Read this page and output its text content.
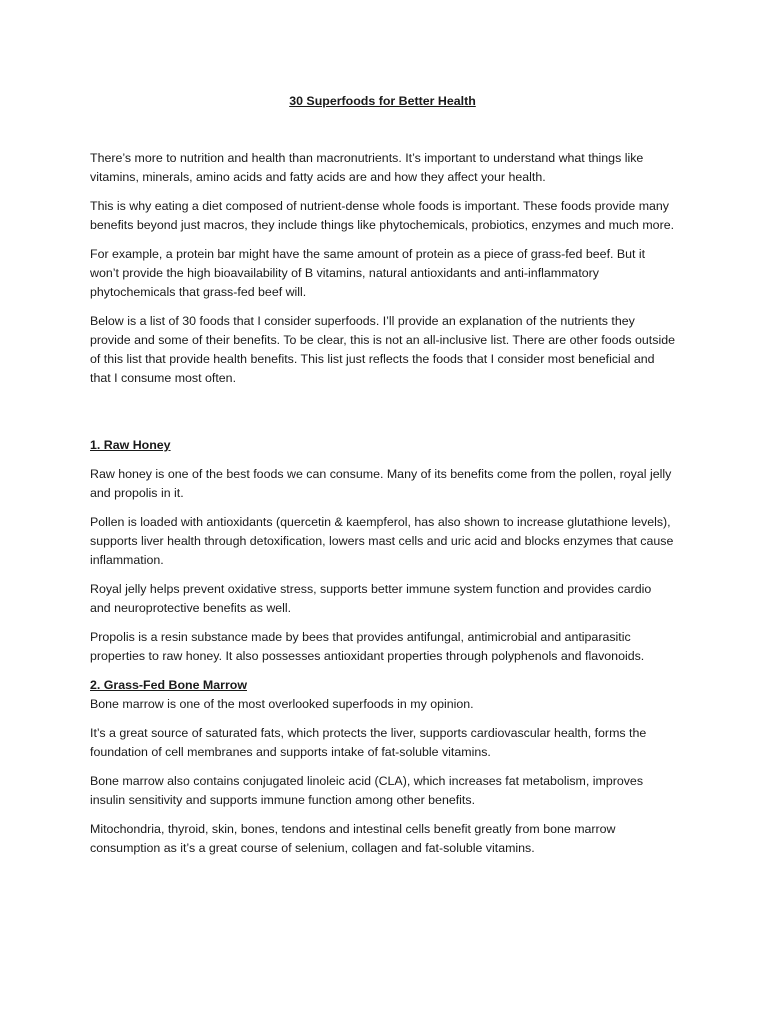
30 Superfoods for Better Health

There’s more to nutrition and health than macronutrients. It’s important to understand what things like vitamins, minerals, amino acids and fatty acids are and how they affect your health.

This is why eating a diet composed of nutrient-dense whole foods is important. These foods provide many benefits beyond just macros, they include things like phytochemicals, probiotics, enzymes and much more.

For example, a protein bar might have the same amount of protein as a piece of grass-fed beef. But it won’t provide the high bioavailability of B vitamins, natural antioxidants and anti-inflammatory phytochemicals that grass-fed beef will.

Below is a list of 30 foods that I consider superfoods. I’ll provide an explanation of the nutrients they provide and some of their benefits. To be clear, this is not an all-inclusive list. There are other foods outside of this list that provide health benefits. This list just reflects the foods that I consider most beneficial and that I consume most often.

1. Raw Honey

Raw honey is one of the best foods we can consume. Many of its benefits come from the pollen, royal jelly and propolis in it.

Pollen is loaded with antioxidants (quercetin & kaempferol, has also shown to increase glutathione levels), supports liver health through detoxification, lowers mast cells and uric acid and blocks enzymes that cause inflammation.

Royal jelly helps prevent oxidative stress, supports better immune system function and provides cardio and neuroprotective benefits as well.

Propolis is a resin substance made by bees that provides antifungal, antimicrobial and antiparasitic properties to raw honey. It also possesses antioxidant properties through polyphenols and flavonoids.

2. Grass-Fed Bone Marrow

Bone marrow is one of the most overlooked superfoods in my opinion.

It’s a great source of saturated fats, which protects the liver, supports cardiovascular health, forms the foundation of cell membranes and supports intake of fat-soluble vitamins.

Bone marrow also contains conjugated linoleic acid (CLA), which increases fat metabolism, improves insulin sensitivity and supports immune function among other benefits.

Mitochondria, thyroid, skin, bones, tendons and intestinal cells benefit greatly from bone marrow consumption as it’s a great course of selenium, collagen and fat-soluble vitamins.
